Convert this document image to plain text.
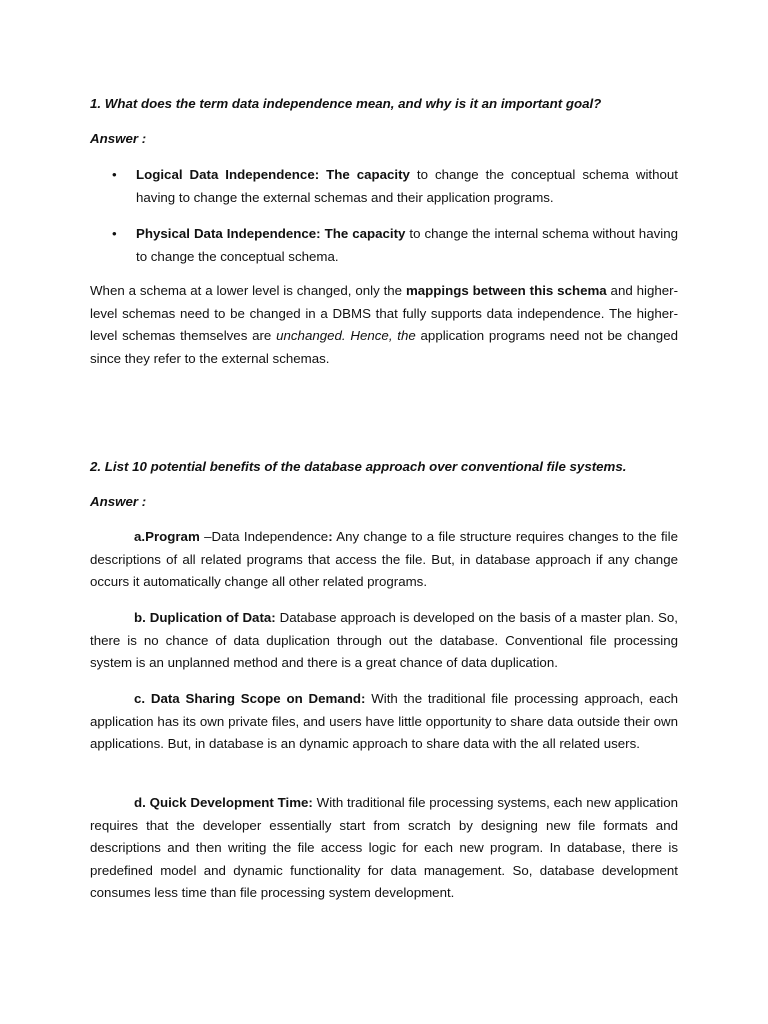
1. What does the term data independence mean, and why is it an important goal?

Answer :

• Logical Data Independence: The capacity to change the conceptual schema without having to change the external schemas and their application programs.
• Physical Data Independence: The capacity to change the internal schema without having to change the conceptual schema.

When a schema at a lower level is changed, only the mappings between this schema and higher-level schemas need to be changed in a DBMS that fully supports data independence. The higher-level schemas themselves are unchanged. Hence, the application programs need not be changed since they refer to the external schemas.

2. List 10 potential benefits of the database approach over conventional file systems.

Answer :

a.Program –Data Independence: Any change to a file structure requires changes to the file descriptions of all related programs that access the file. But, in database approach if any change occurs it automatically change all other related programs.

b. Duplication of Data: Database approach is developed on the basis of a master plan. So, there is no chance of data duplication through out the database. Conventional file processing system is an unplanned method and there is a great chance of data duplication.

c. Data Sharing Scope on Demand: With the traditional file processing approach, each application has its own private files, and users have little opportunity to share data outside their own applications. But, in database is an dynamic approach to share data with the all related users.

d. Quick Development Time: With traditional file processing systems, each new application requires that the developer essentially start from scratch by designing new file formats and descriptions and then writing the file access logic for each new program. In database, there is predefined model and dynamic functionality for data management. So, database development consumes less time than file processing system development.
